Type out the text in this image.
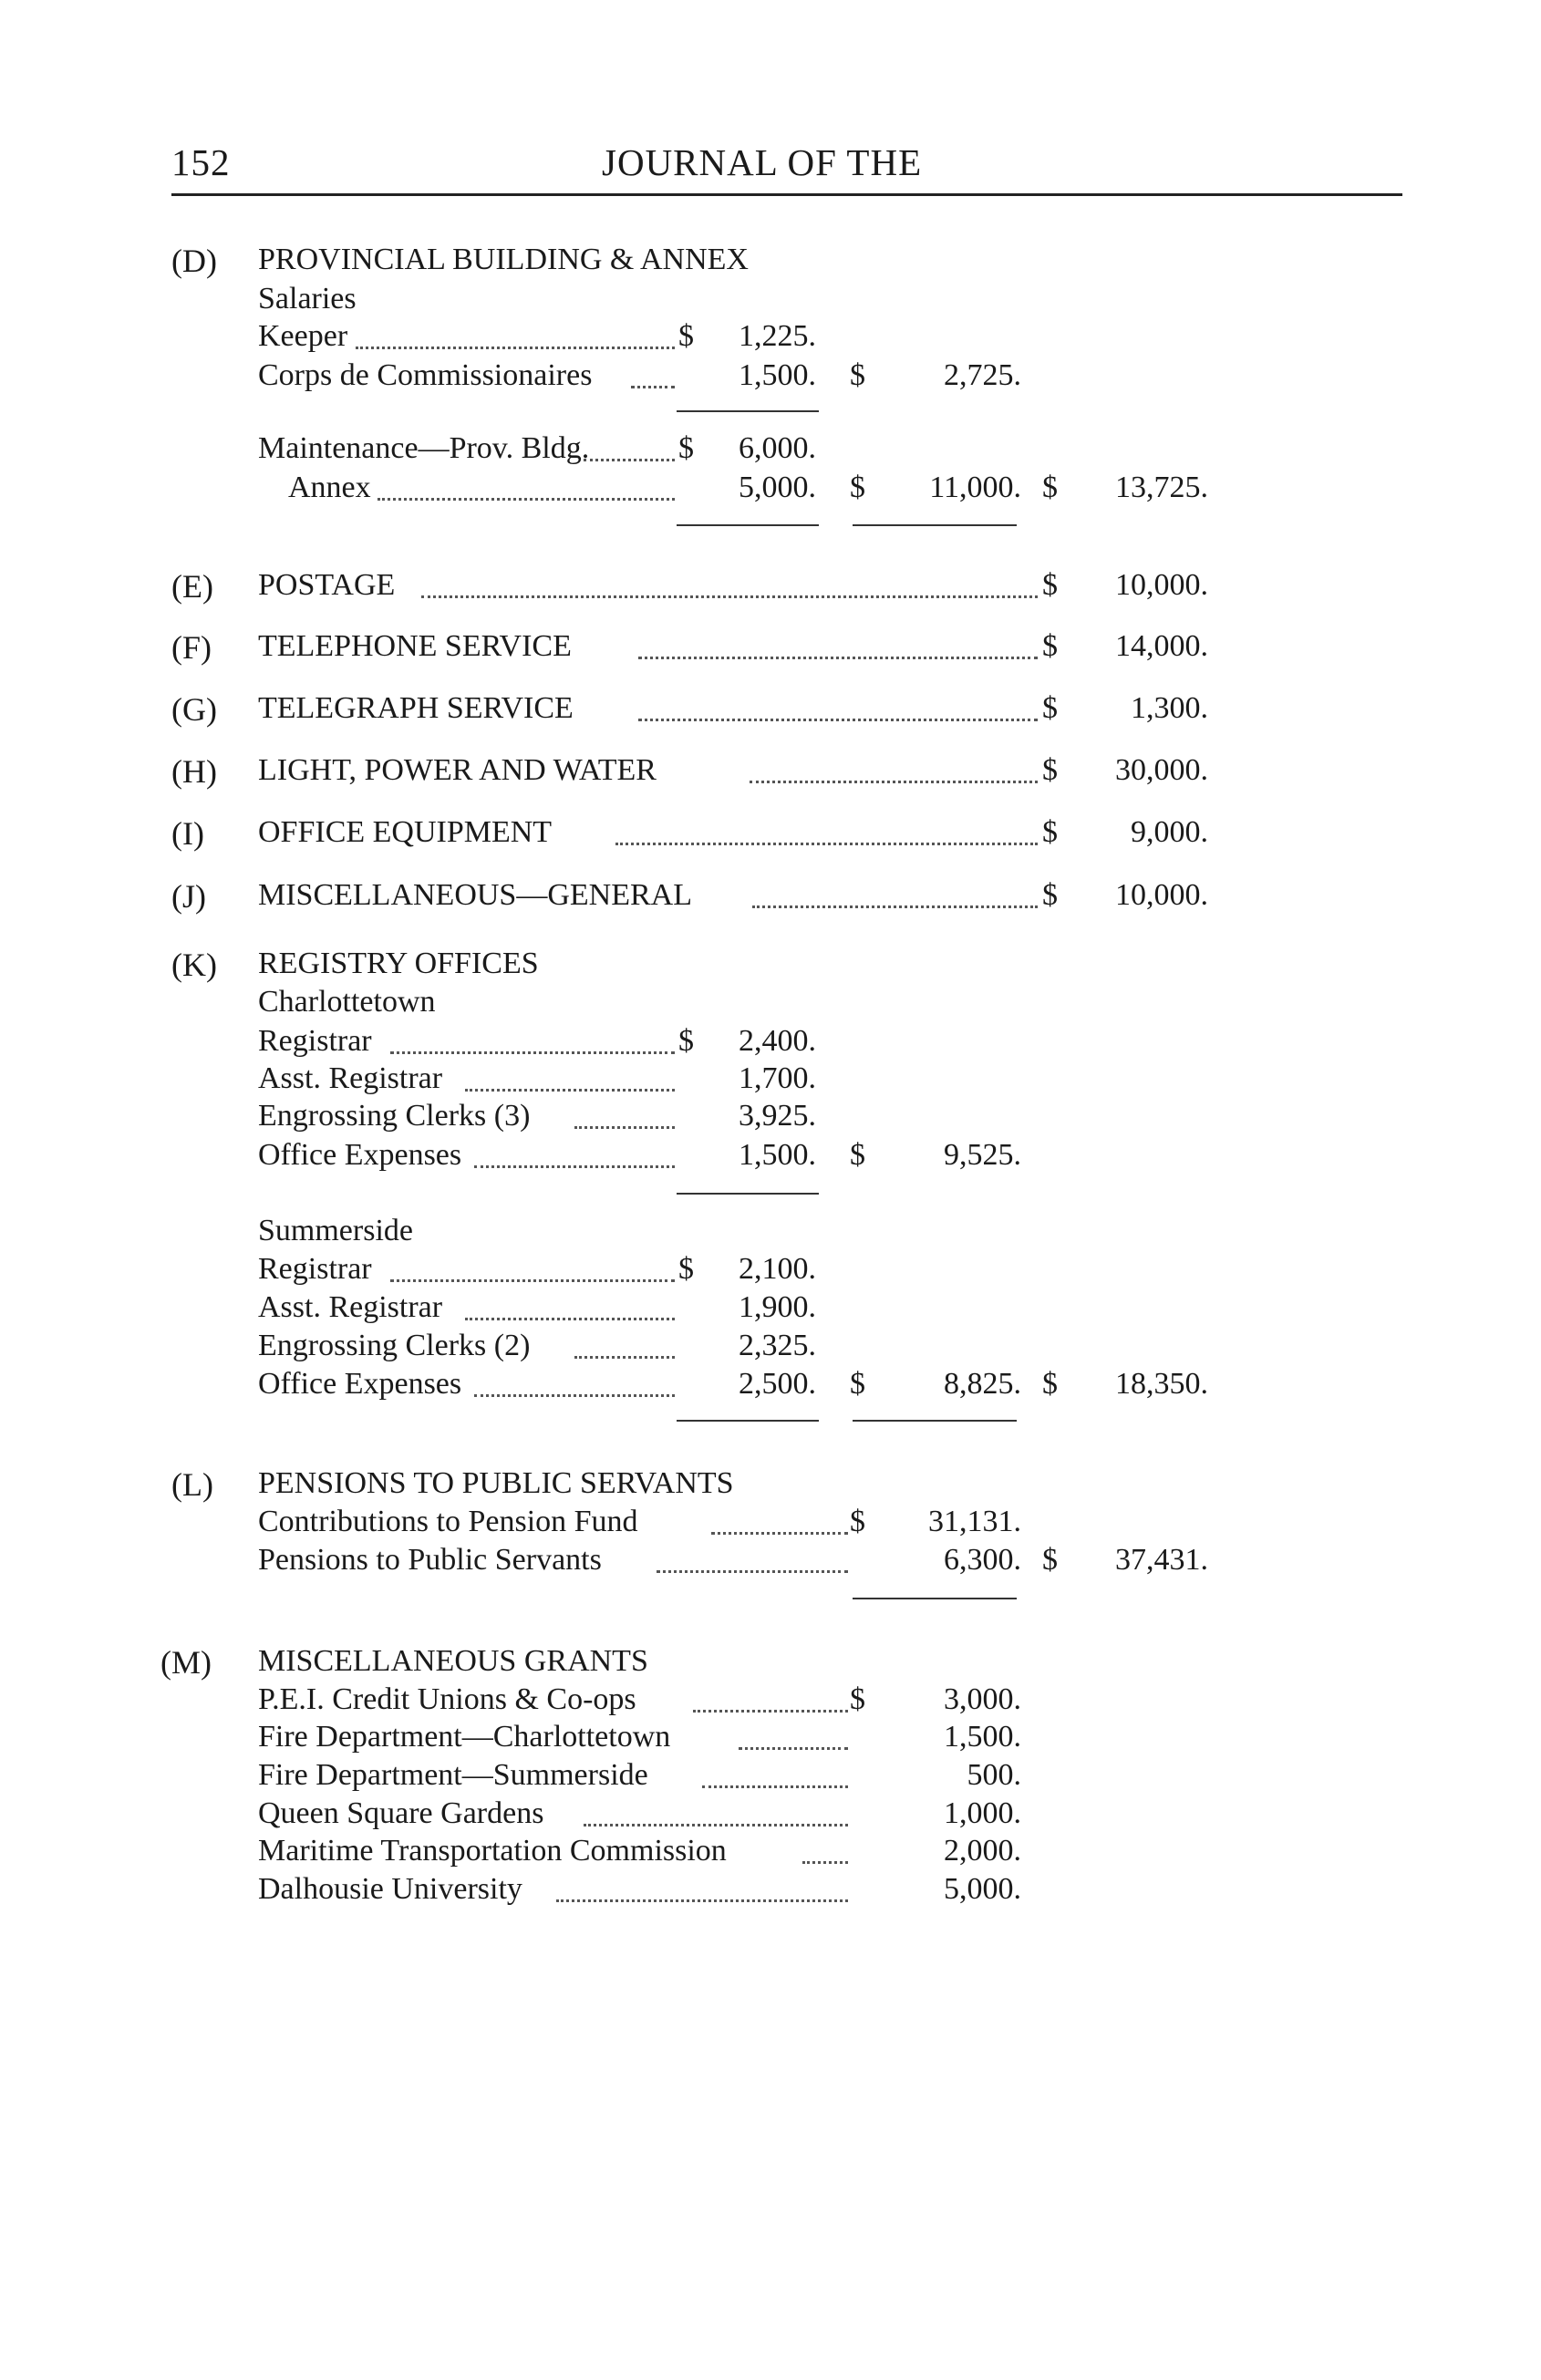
152	JOURNAL OF THE
(D) PROVINCIAL BUILDING & ANNEX
Salaries
Keeper	$	1,225.
Corps de Commissionaires	1,500. $	2,725.
Maintenance—Prov. Bldg.	$	6,000.
Annex	5,000. $	11,000. $	13,725.
(E) POSTAGE	$	10,000.
(F) TELEPHONE SERVICE	$	14,000.
(G) TELEGRAPH SERVICE	$	1,300.
(H) LIGHT, POWER AND WATER	$	30,000.
(I) OFFICE EQUIPMENT	$	9,000.
(J) MISCELLANEOUS—GENERAL	$	10,000.
(K) REGISTRY OFFICES
Charlottetown
Registrar	$	2,400.
Asst. Registrar	1,700.
Engrossing Clerks (3)	3,925.
Office Expenses	1,500. $	9,525.
Summerside
Registrar	$	2,100.
Asst. Registrar	1,900.
Engrossing Clerks (2)	2,325.
Office Expenses	2,500. $	8,825. $	18,350.
(L) PENSIONS TO PUBLIC SERVANTS
Contributions to Pension Fund	$	31,131.
Pensions to Public Servants	6,300. $	37,431.
(M) MISCELLANEOUS GRANTS
P.E.I. Credit Unions & Co-ops	$	3,000.
Fire Department—Charlottetown	1,500.
Fire Department—Summerside	500.
Queen Square Gardens	1,000.
Maritime Transportation Commission	2,000.
Dalhousie University	5,000.
